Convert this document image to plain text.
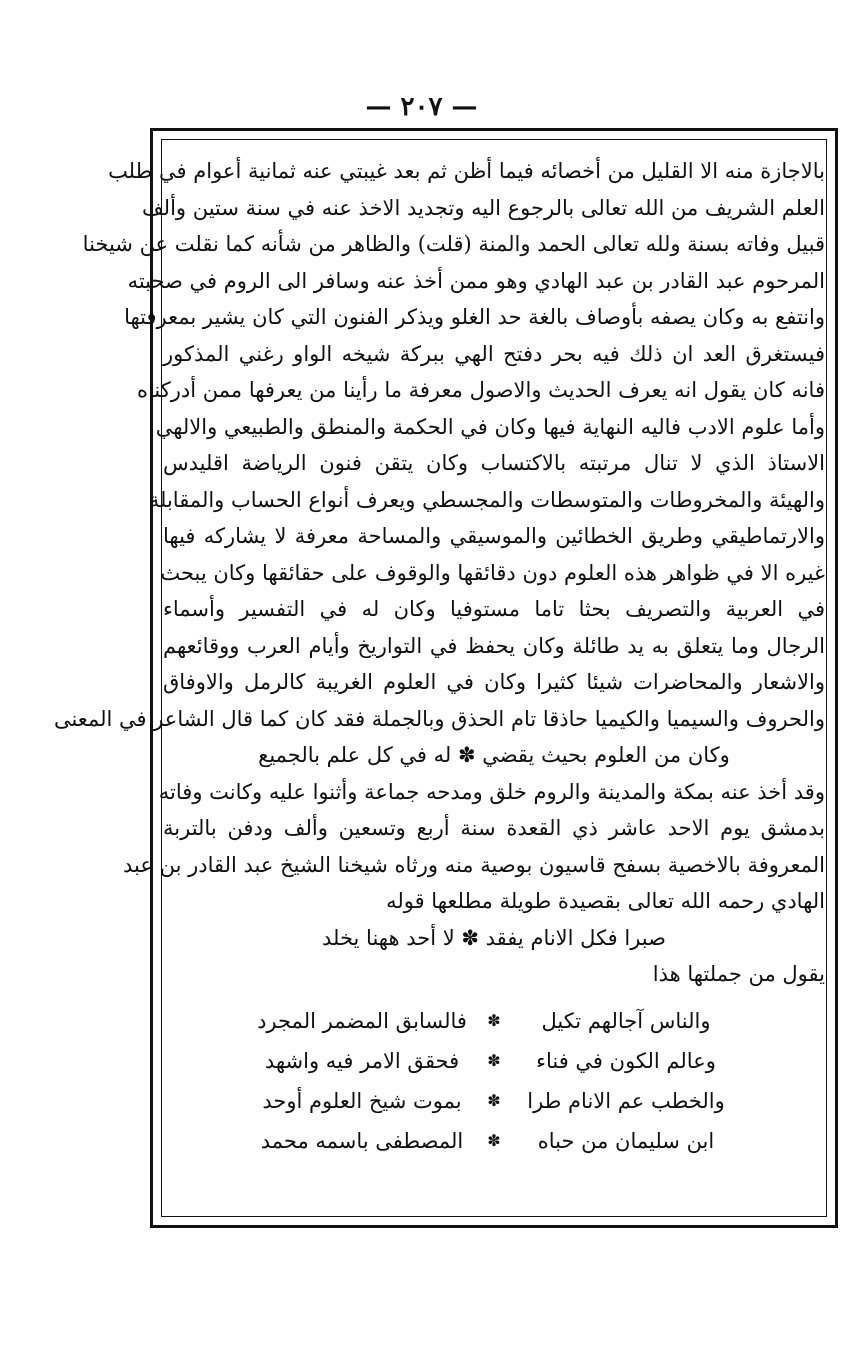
— ٢٠٧ —
بالاجازة منه الا القليل من أخصائه فيما أظن ثم بعد غيبتي عنه ثمانية أعوام في طلب
العلم الشريف من الله تعالى بالرجوع اليه وتجديد الاخذ عنه في سنة ستين وألف
قبيل وفاته بسنة ولله تعالى الحمد والمنة (قلت) والظاهر من شأنه كما نقلت عن شيخنا
المرحوم عبد القادر بن عبد الهادي وهو ممن أخذ عنه وسافر الى الروم في صحبته
وانتفع به وكان يصفه بأوصاف بالغة حد الغلو ويذكر الفنون التي كان يشير بمعرفتها
فيستغرق العد ان ذلك فيه بحر دفتح الهي ببركة شيخه الواو رغني المذكور
فانه كان يقول انه يعرف الحديث والاصول معرفة ما رأينا من يعرفها ممن أدركناه
وأما علوم الادب فاليه النهاية فيها وكان في الحكمة والمنطق والطبيعي والالهي
الاستاذ الذي لا تنال مرتبته بالاكتساب وكان يتقن فنون الرياضة اقليدس
والهيئة والمخروطات والمتوسطات والمجسطي ويعرف أنواع الحساب والمقابلة
والارتماطيقي وطريق الخطائين والموسيقي والمساحة معرفة لا يشاركه فيها
غيره الا في ظواهر هذه العلوم دون دقائقها والوقوف على حقائقها وكان يبحث
في العربية والتصريف بحثا تاما مستوفيا وكان له في التفسير وأسماء
الرجال وما يتعلق به يد طائلة وكان يحفظ في التواريخ وأيام العرب ووقائعهم
والاشعار والمحاضرات شيئا كثيرا وكان في العلوم الغريبة كالرمل والاوفاق
والحروف والسيميا والكيميا حاذقا تام الحذق وبالجملة فقد كان كما قال الشاعر في المعنى
وكان من العلوم بحيث يقضي ✽ له في كل علم بالجميع
وقد أخذ عنه بمكة والمدينة والروم خلق ومدحه جماعة وأثنوا عليه وكانت وفاته
بدمشق يوم الاحد عاشر ذي القعدة سنة أربع وتسعين وألف ودفن بالتربة
المعروفة بالاخصية بسفح قاسيون بوصية منه ورثاه شيخنا الشيخ عبد القادر بن عبد
الهادي رحمه الله تعالى بقصيدة طويلة مطلعها قوله
صبرا فكل الانام يفقد ✽ لا أحد ههنا يخلد
يقول من جملتها هذا
والناس آجالهم تكيل
✽
فالسابق المضمر المجرد
وعالم الكون في فناء
✽
فحقق الامر فيه واشهد
والخطب عم الانام طرا
✽
بموت شيخ العلوم أوحد
ابن سليمان من حباه
✽
المصطفى باسمه محمد
